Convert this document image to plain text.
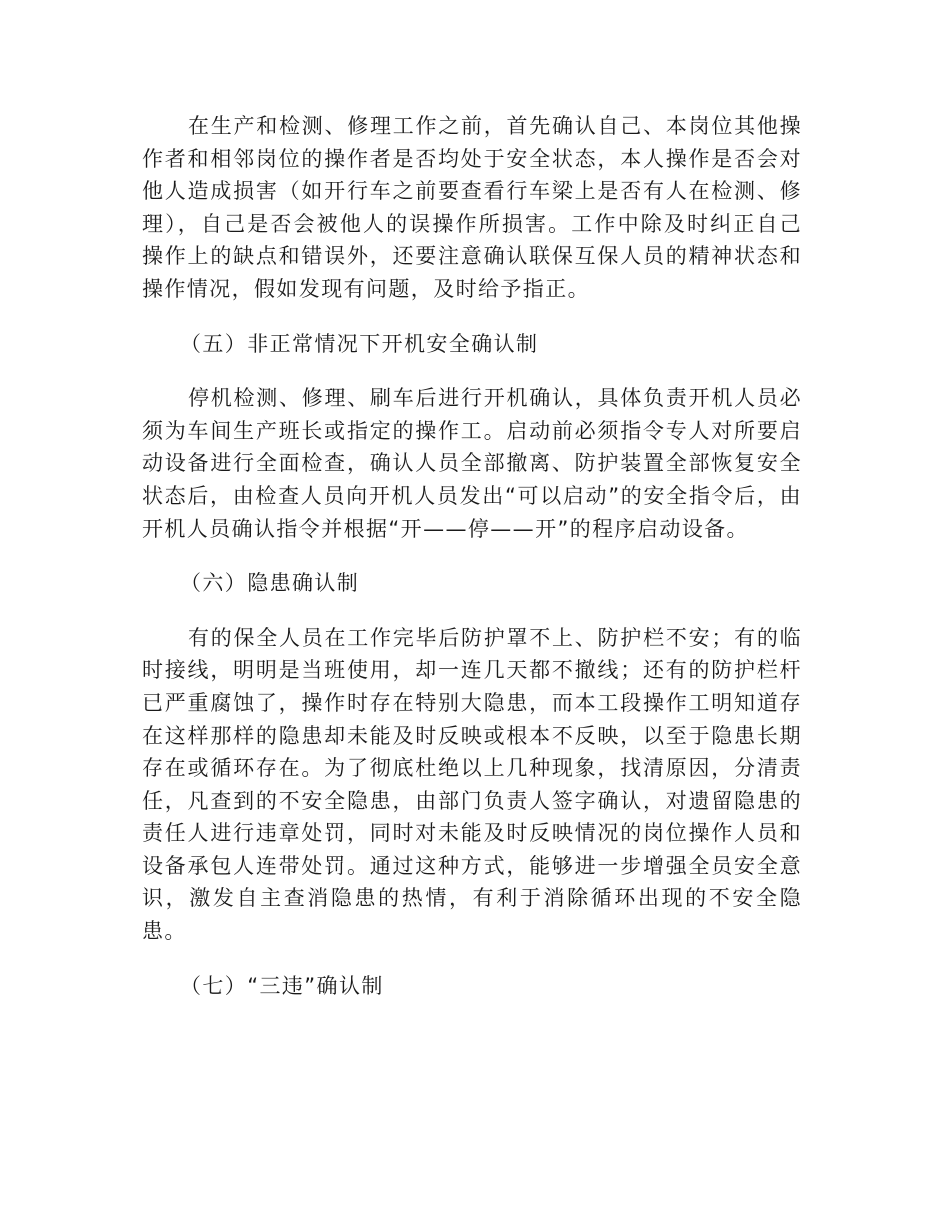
在生产和检测、修理工作之前，首先确认自己、本岗位其他操作者和相邻岗位的操作者是否均处于安全状态，本人操作是否会对他人造成损害（如开行车之前要查看行车梁上是否有人在检测、修理），自己是否会被他人的误操作所损害。工作中除及时纠正自己操作上的缺点和错误外，还要注意确认联保互保人员的精神状态和操作情况，假如发现有问题，及时给予指正。

（五）非正常情况下开机安全确认制

停机检测、修理、刷车后进行开机确认，具体负责开机人员必须为车间生产班长或指定的操作工。启动前必须指令专人对所要启动设备进行全面检查，确认人员全部撤离、防护装置全部恢复安全状态后，由检查人员向开机人员发出“可以启动”的安全指令后，由开机人员确认指令并根据“开——停——开”的程序启动设备。

（六）隐患确认制

有的保全人员在工作完毕后防护罩不上、防护栏不安；有的临时接线，明明是当班使用，却一连几天都不撤线；还有的防护栏杆已严重腐蚀了，操作时存在特别大隐患，而本工段操作工明知道存在这样那样的隐患却未能及时反映或根本不反映，以至于隐患长期存在或循环存在。为了彻底杜绝以上几种现象，找清原因，分清责任，凡查到的不安全隐患，由部门负责人签字确认，对遗留隐患的责任人进行违章处罚，同时对未能及时反映情况的岗位操作人员和设备承包人连带处罚。通过这种方式，能够进一步增强全员安全意识，激发自主查消隐患的热情，有利于消除循环出现的不安全隐患。

（七）“三违”确认制
